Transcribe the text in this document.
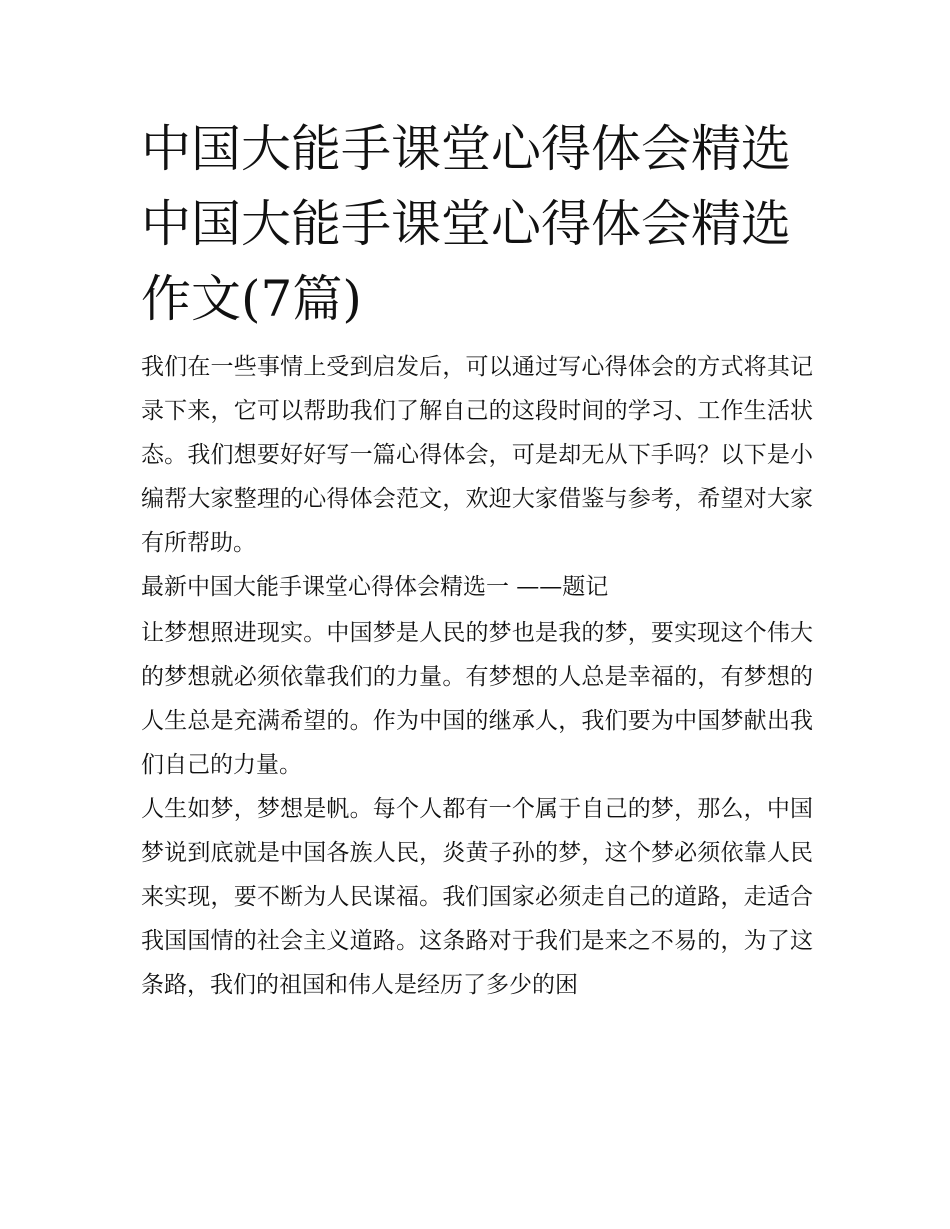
中国大能手课堂心得体会精选
中国大能手课堂心得体会精选
作文(7篇)

我们在一些事情上受到启发后，可以通过写心得体会的方式将其记录下来，它可以帮助我们了解自己的这段时间的学习、工作生活状态。我们想要好好写一篇心得体会，可是却无从下手吗？以下是小编帮大家整理的心得体会范文，欢迎大家借鉴与参考，希望对大家有所帮助。

最新中国大能手课堂心得体会精选一 ——题记

让梦想照进现实。中国梦是人民的梦也是我的梦，要实现这个伟大的梦想就必须依靠我们的力量。有梦想的人总是幸福的，有梦想的人生总是充满希望的。作为中国的继承人，我们要为中国梦献出我们自己的力量。

人生如梦，梦想是帆。每个人都有一个属于自己的梦，那么，中国梦说到底就是中国各族人民，炎黄子孙的梦，这个梦必须依靠人民来实现，要不断为人民谋福。我们国家必须走自己的道路，走适合我国国情的社会主义道路。这条路对于我们是来之不易的，为了这条路，我们的祖国和伟人是经历了多少的困
